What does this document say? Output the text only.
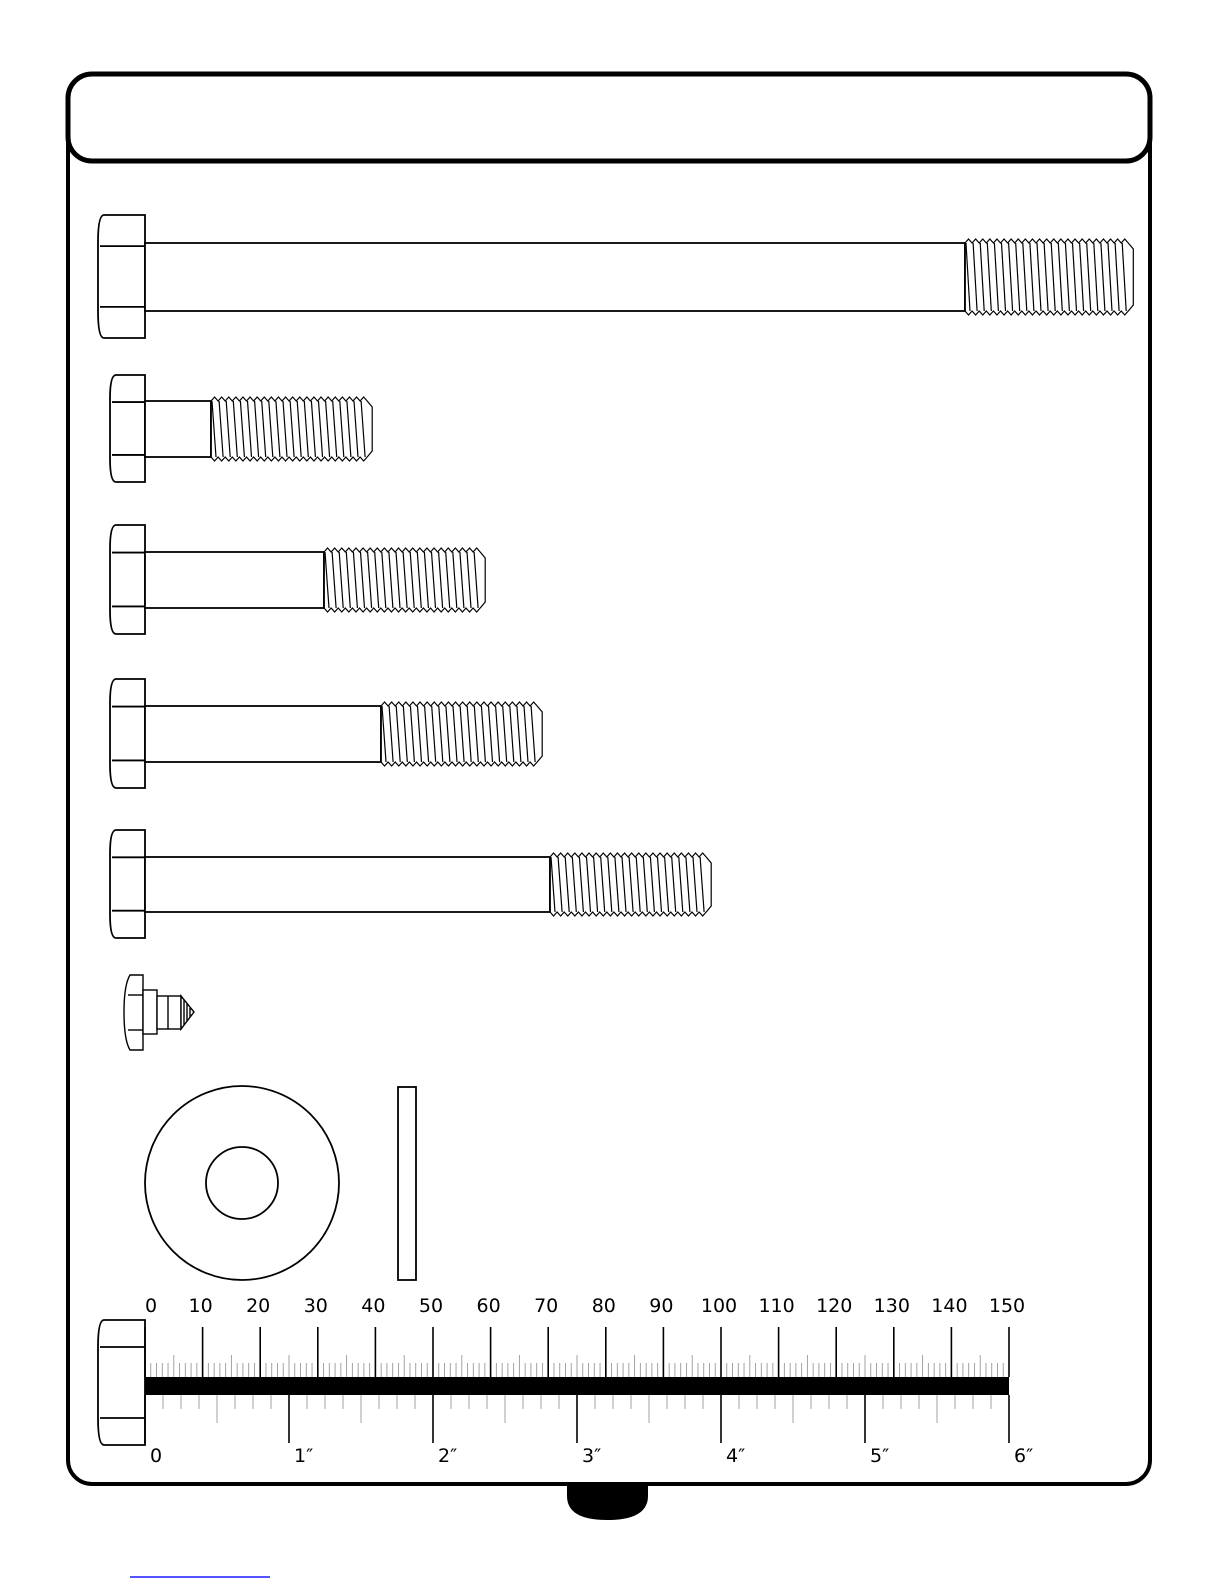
0 10 20 30 40 50 60 70 80 90 100 110 120 130 140 150
0	1″	2″	3″	4″	5″	6″
